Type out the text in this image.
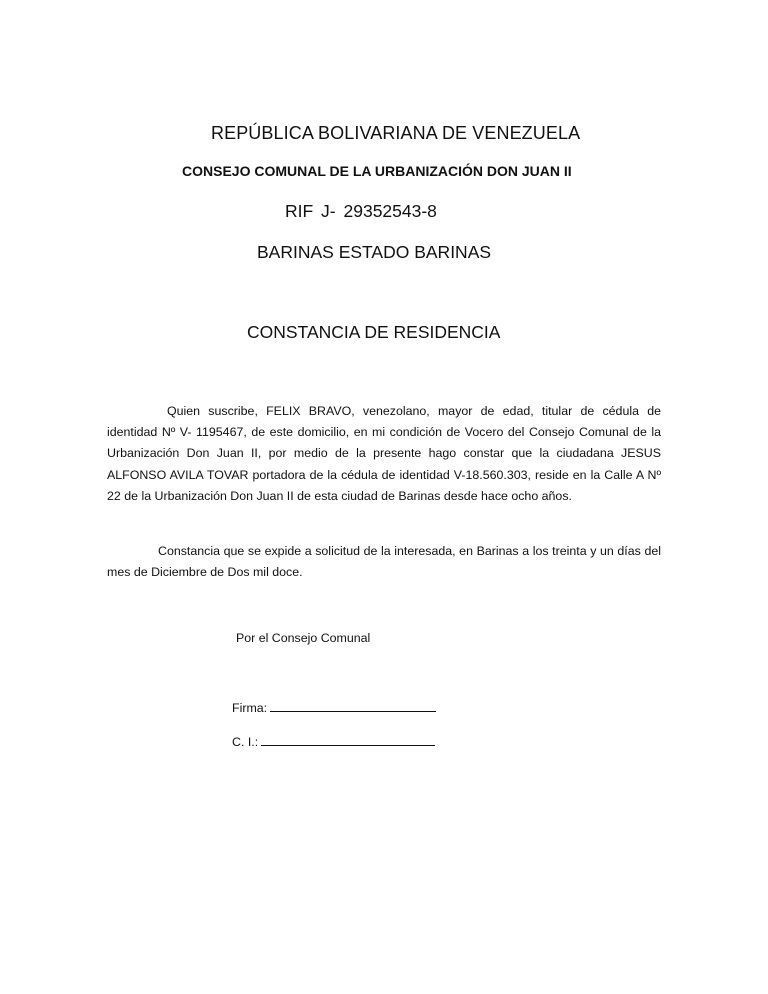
REPÚBLICA BOLIVARIANA DE VENEZUELA
CONSEJO COMUNAL DE LA URBANIZACIÓN DON JUAN II
RIF J- 29352543-8
BARINAS ESTADO BARINAS
CONSTANCIA DE RESIDENCIA

Quien suscribe, FELIX BRAVO, venezolano, mayor de edad, titular de cédula de identidad Nº V- 1195467, de este domicilio, en mi condición de Vocero del Consejo Comunal de la Urbanización Don Juan II, por medio de la presente hago constar que la ciudadana JESUS ALFONSO AVILA TOVAR portadora de la cédula de identidad V-18.560.303, reside en la Calle A Nº 22 de la Urbanización Don Juan II de esta ciudad de Barinas desde hace ocho años.

Constancia que se expide a solicitud de la interesada, en Barinas a los treinta y un días del mes de Diciembre de Dos mil doce.

Por el Consejo Comunal
Firma:
C. I.:
